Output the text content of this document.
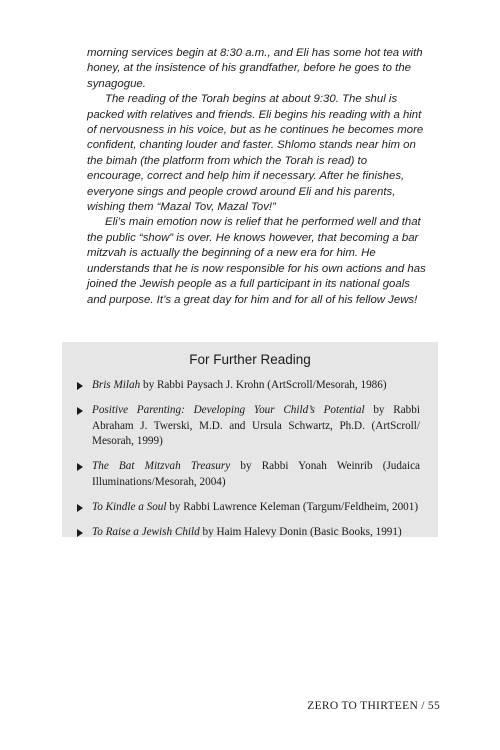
morning services begin at 8:30 a.m., and Eli has some hot tea with honey, at the insistence of his grandfather, before he goes to the synagogue.

The reading of the Torah begins at about 9:30. The shul is packed with relatives and friends. Eli begins his reading with a hint of nervousness in his voice, but as he continues he becomes more confident, chanting louder and faster. Shlomo stands near him on the bimah (the platform from which the Torah is read) to encourage, correct and help him if necessary. After he finishes, everyone sings and people crowd around Eli and his parents, wishing them “Mazal Tov, Mazal Tov!”

Eli’s main emotion now is relief that he performed well and that the public “show” is over. He knows however, that becoming a bar mitzvah is actually the beginning of a new era for him. He understands that he is now responsible for his own actions and has joined the Jewish people as a full participant in its national goals and purpose. It’s a great day for him and for all of his fellow Jews!

For Further Reading
Bris Milah by Rabbi Paysach J. Krohn (ArtScroll/Mesorah, 1986)
Positive Parenting: Developing Your Child’s Potential by Rabbi Abraham J. Twerski, M.D. and Ursula Schwartz, Ph.D. (ArtScroll/ Mesorah, 1999)
The Bat Mitzvah Treasury by Rabbi Yonah Weinrib (Judaica Illuminations/Mesorah, 2004)
To Kindle a Soul by Rabbi Lawrence Keleman (Targum/Feldheim, 2001)
To Raise a Jewish Child by Haim Halevy Donin (Basic Books, 1991)
ZERO TO THIRTEEN / 55
